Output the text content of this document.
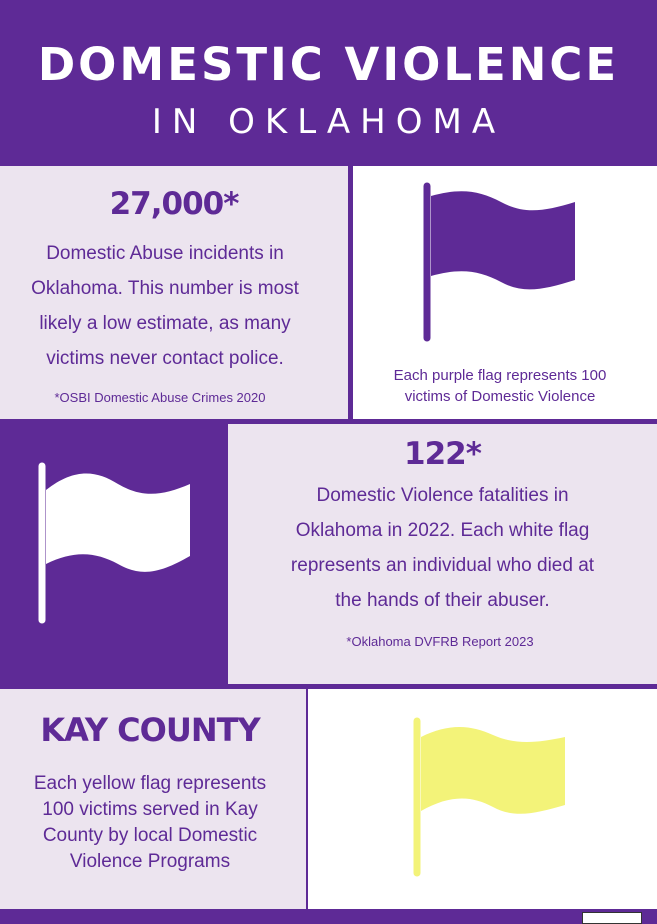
DOMESTIC VIOLENCE
IN OKLAHOMA
27,000*
Domestic Abuse incidents in
Oklahoma. This number is most
likely a low estimate, as many
victims never contact police.
*OSBI Domestic Abuse Crimes 2020
Each purple flag represents 100
victims of Domestic Violence
122*
Domestic Violence fatalities in
Oklahoma in 2022. Each white flag
represents an individual who died at
the hands of their abuser.
*Oklahoma DVFRB Report 2023
KAY COUNTY
Each yellow flag represents
100 victims served in Kay
County by local Domestic
Violence Programs
